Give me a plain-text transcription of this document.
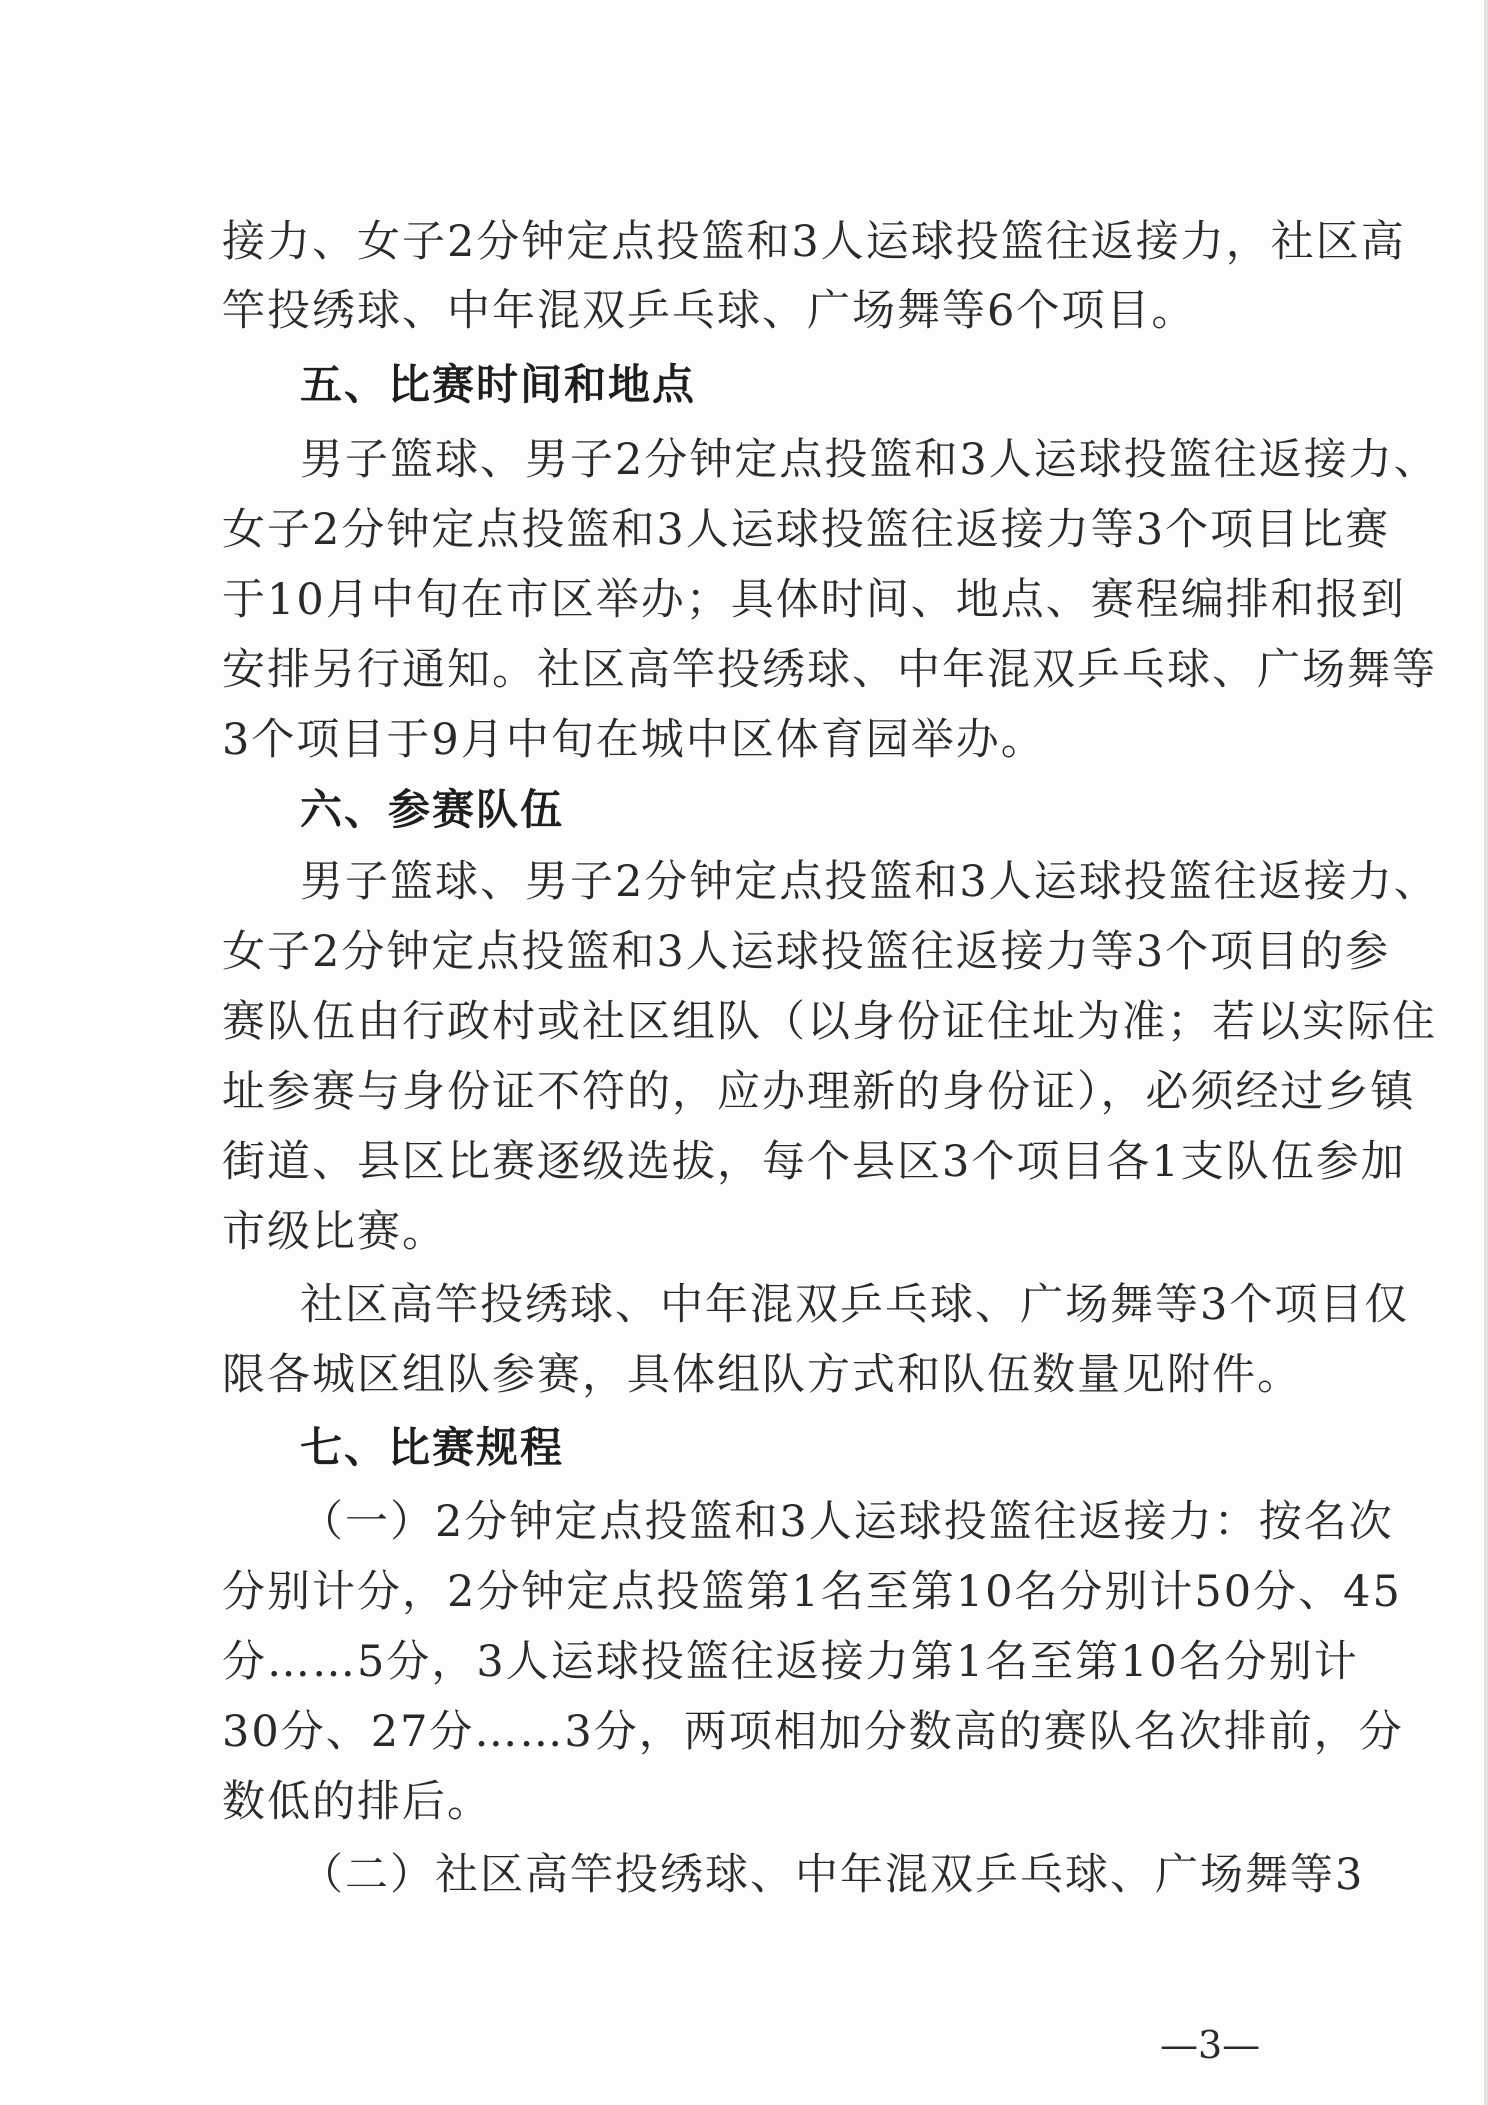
接力、女子2分钟定点投篮和3人运球投篮往返接力，社区高
竿投绣球、中年混双乒乓球、广场舞等6个项目。
五、比赛时间和地点
男子篮球、男子2分钟定点投篮和3人运球投篮往返接力、
女子2分钟定点投篮和3人运球投篮往返接力等3个项目比赛
于10月中旬在市区举办；具体时间、地点、赛程编排和报到
安排另行通知。社区高竿投绣球、中年混双乒乓球、广场舞等
3个项目于9月中旬在城中区体育园举办。
六、参赛队伍
男子篮球、男子2分钟定点投篮和3人运球投篮往返接力、
女子2分钟定点投篮和3人运球投篮往返接力等3个项目的参
赛队伍由行政村或社区组队（以身份证住址为准；若以实际住
址参赛与身份证不符的，应办理新的身份证），必须经过乡镇
街道、县区比赛逐级选拔，每个县区3个项目各1支队伍参加
市级比赛。
社区高竿投绣球、中年混双乒乓球、广场舞等3个项目仅
限各城区组队参赛，具体组队方式和队伍数量见附件。
七、比赛规程
（一）2分钟定点投篮和3人运球投篮往返接力：按名次
分别计分，2分钟定点投篮第1名至第10名分别计50分、45
分……5分，3人运球投篮往返接力第1名至第10名分别计
30分、27分……3分，两项相加分数高的赛队名次排前，分
数低的排后。
（二）社区高竿投绣球、中年混双乒乓球、广场舞等3
—3—
